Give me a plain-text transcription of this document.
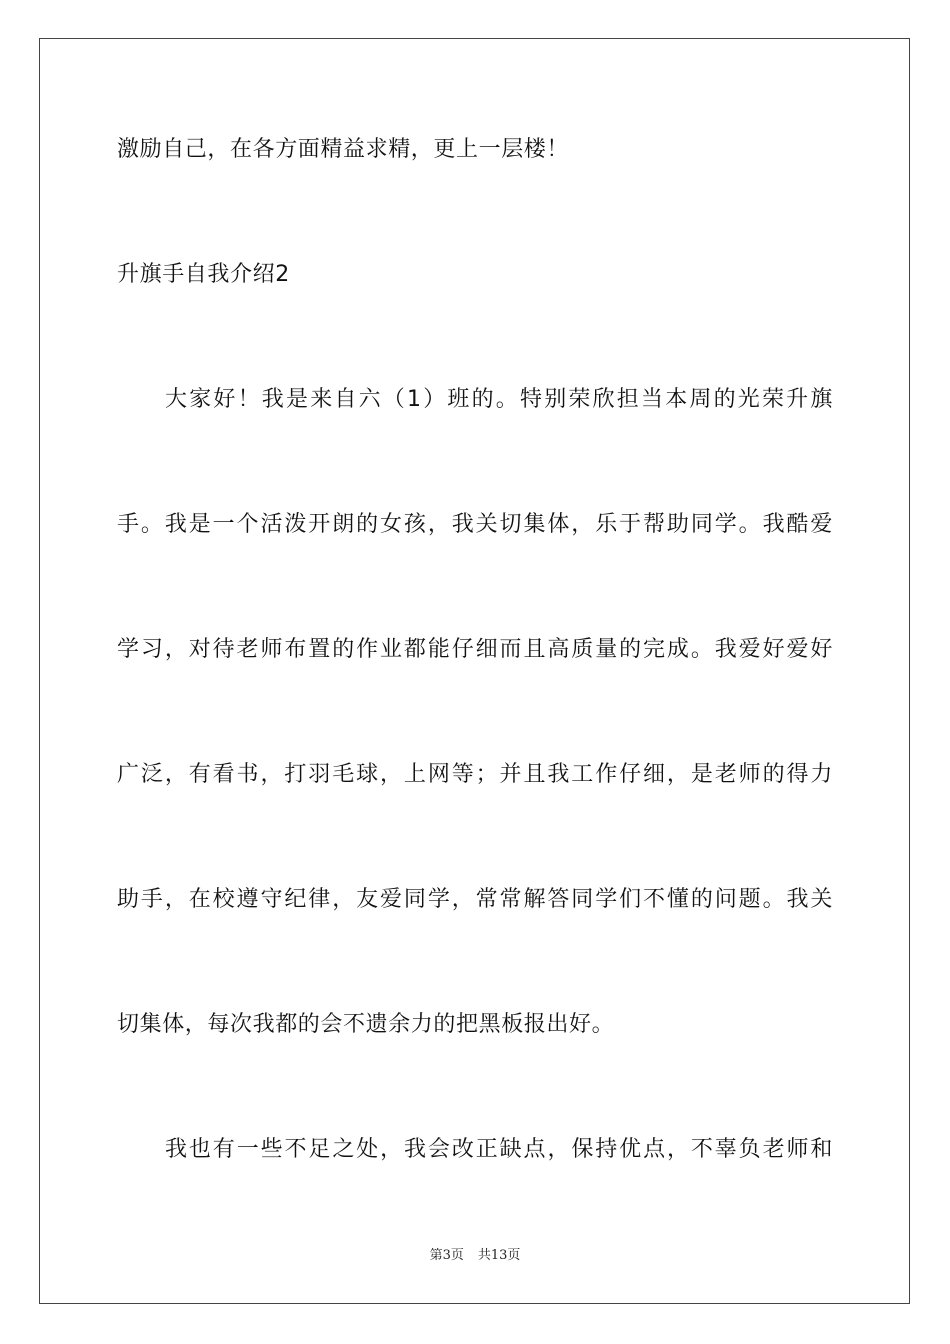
激励自己，在各方面精益求精，更上一层楼！
升旗手自我介绍2
大家好！我是来自六（1）班的。特别荣欣担当本周的光荣升旗
手。我是一个活泼开朗的女孩，我关切集体，乐于帮助同学。我酷爱
学习，对待老师布置的作业都能仔细而且高质量的完成。我爱好爱好
广泛，有看书，打羽毛球，上网等；并且我工作仔细，是老师的得力
助手，在校遵守纪律，友爱同学，常常解答同学们不懂的问题。我关
切集体，每次我都的会不遗余力的把黑板报出好。
我也有一些不足之处，我会改正缺点，保持优点，不辜负老师和
第3页 共13页
